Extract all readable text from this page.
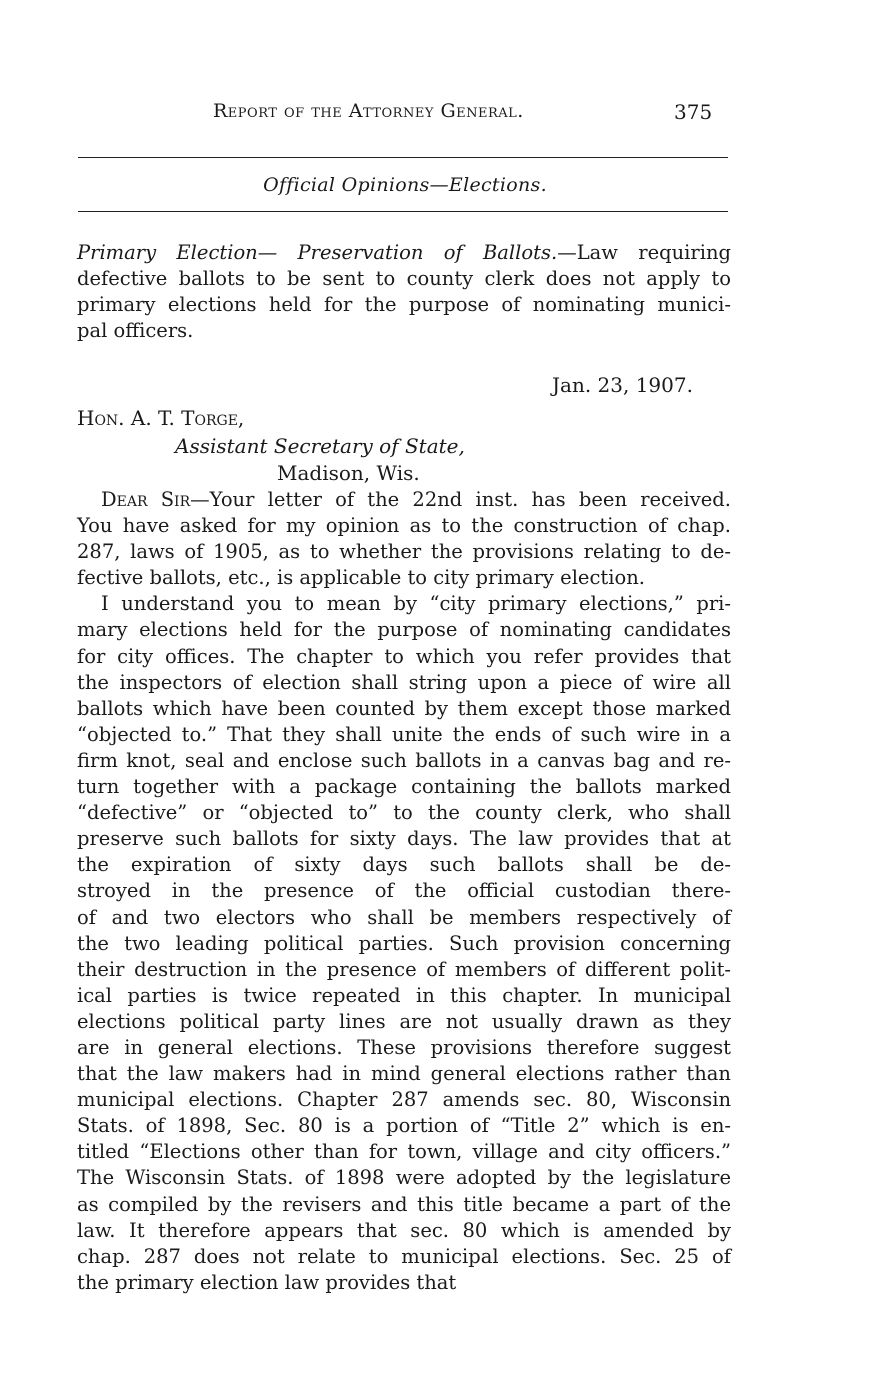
Report of the Attorney General.	375
Official Opinions—Elections.
Primary Election— Preservation of Ballots.—Law requiring
defective ballots to be sent to county clerk does not apply to
primary elections held for the purpose of nominating munici-
pal officers.
Jan. 23, 1907.
Hon. A. T. Torge,
Assistant Secretary of State,
Madison, Wis.
Dear Sir—Your letter of the 22nd inst. has been received.
You have asked for my opinion as to the construction of chap.
287, laws of 1905, as to whether the provisions relating to de-
fective ballots, etc., is applicable to city primary election.
I understand you to mean by “city primary elections,” pri-
mary elections held for the purpose of nominating candidates
for city offices. The chapter to which you refer provides that
the inspectors of election shall string upon a piece of wire all
ballots which have been counted by them except those marked
“objected to.” That they shall unite the ends of such wire in a
firm knot, seal and enclose such ballots in a canvas bag and re-
turn together with a package containing the ballots marked
“defective” or “objected to” to the county clerk, who shall
preserve such ballots for sixty days. The law provides that at
the expiration of sixty days such ballots shall be de-
stroyed in the presence of the official custodian there-
of and two electors who shall be members respectively of
the two leading political parties. Such provision concerning
their destruction in the presence of members of different polit-
ical parties is twice repeated in this chapter. In municipal
elections political party lines are not usually drawn as they
are in general elections. These provisions therefore suggest
that the law makers had in mind general elections rather than
municipal elections. Chapter 287 amends sec. 80, Wisconsin
Stats. of 1898, Sec. 80 is a portion of “Title 2” which is en-
titled “Elections other than for town, village and city officers.”
The Wisconsin Stats. of 1898 were adopted by the legislature
as compiled by the revisers and this title became a part of the
law. It therefore appears that sec. 80 which is amended by
chap. 287 does not relate to municipal elections. Sec. 25 of
the primary election law provides that
